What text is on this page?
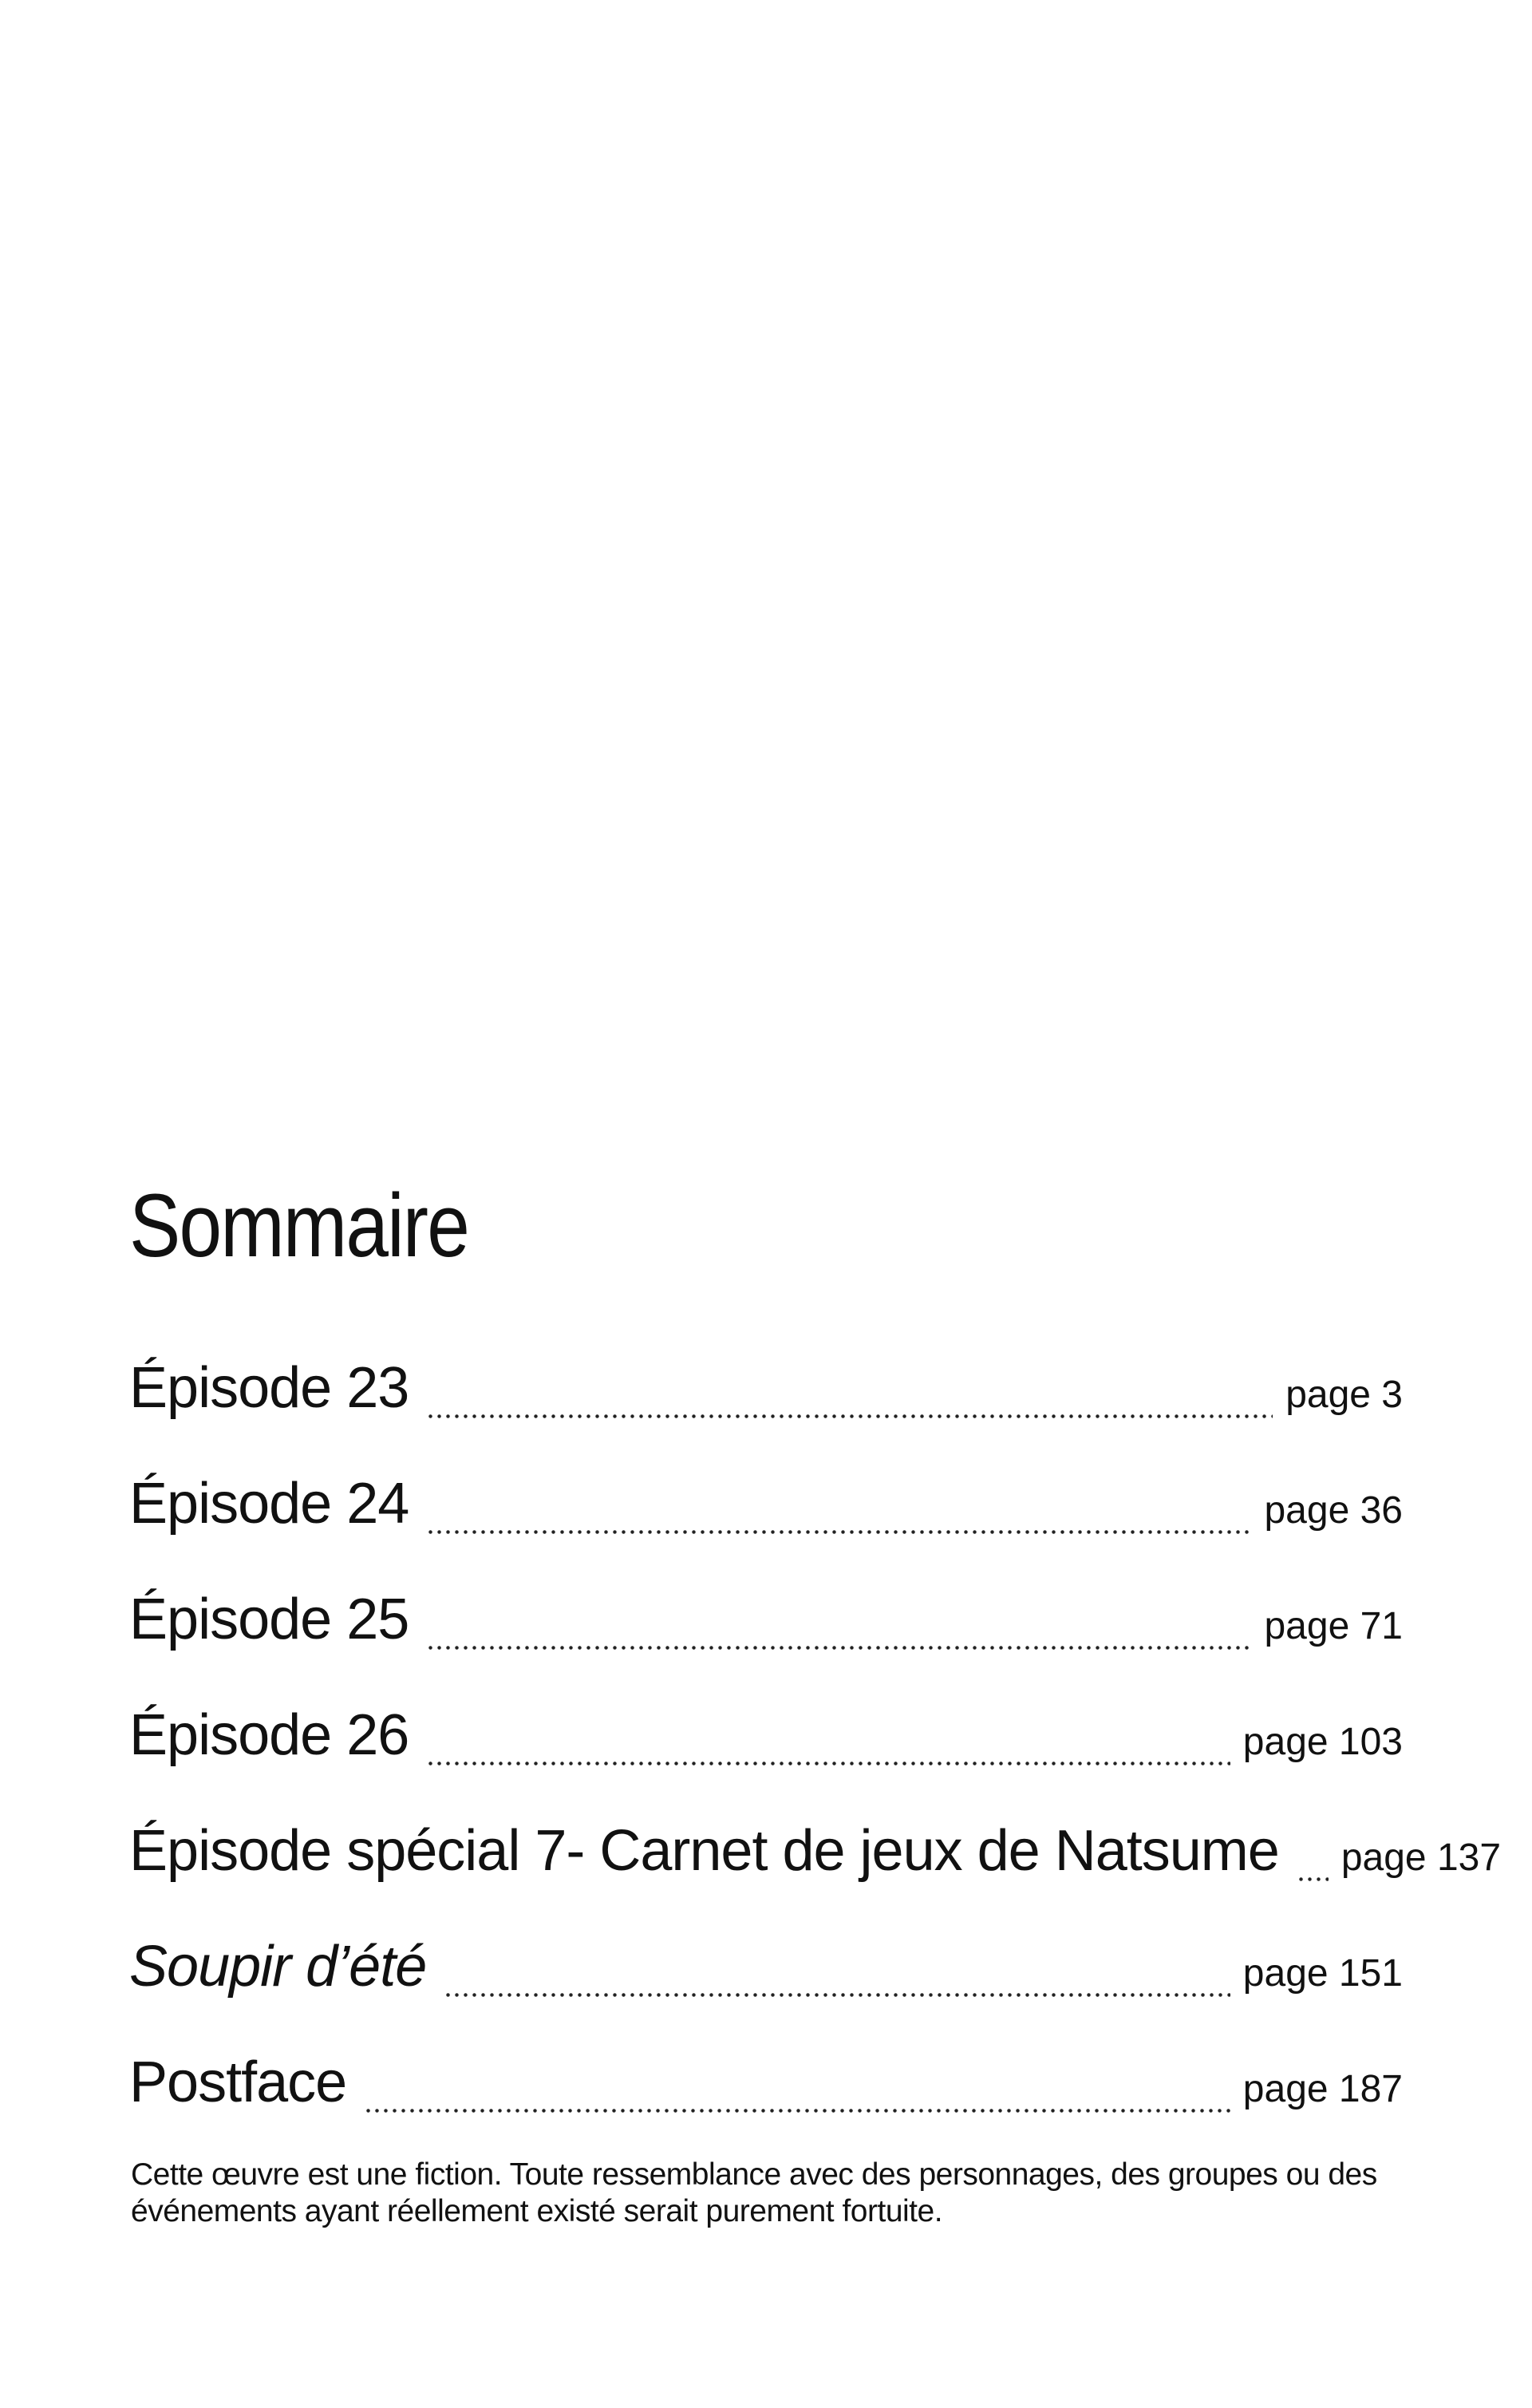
Sommaire
Épisode 23	page 3
Épisode 24	page 36
Épisode 25	page 71
Épisode 26	page 103
Épisode spécial 7- Carnet de jeux de Natsume page 137
Soupir d’été	page 151
Postface	page 187

Cette œuvre est une fiction. Toute ressemblance avec des personnages, des groupes ou des

événements ayant réellement existé serait purement fortuite.
